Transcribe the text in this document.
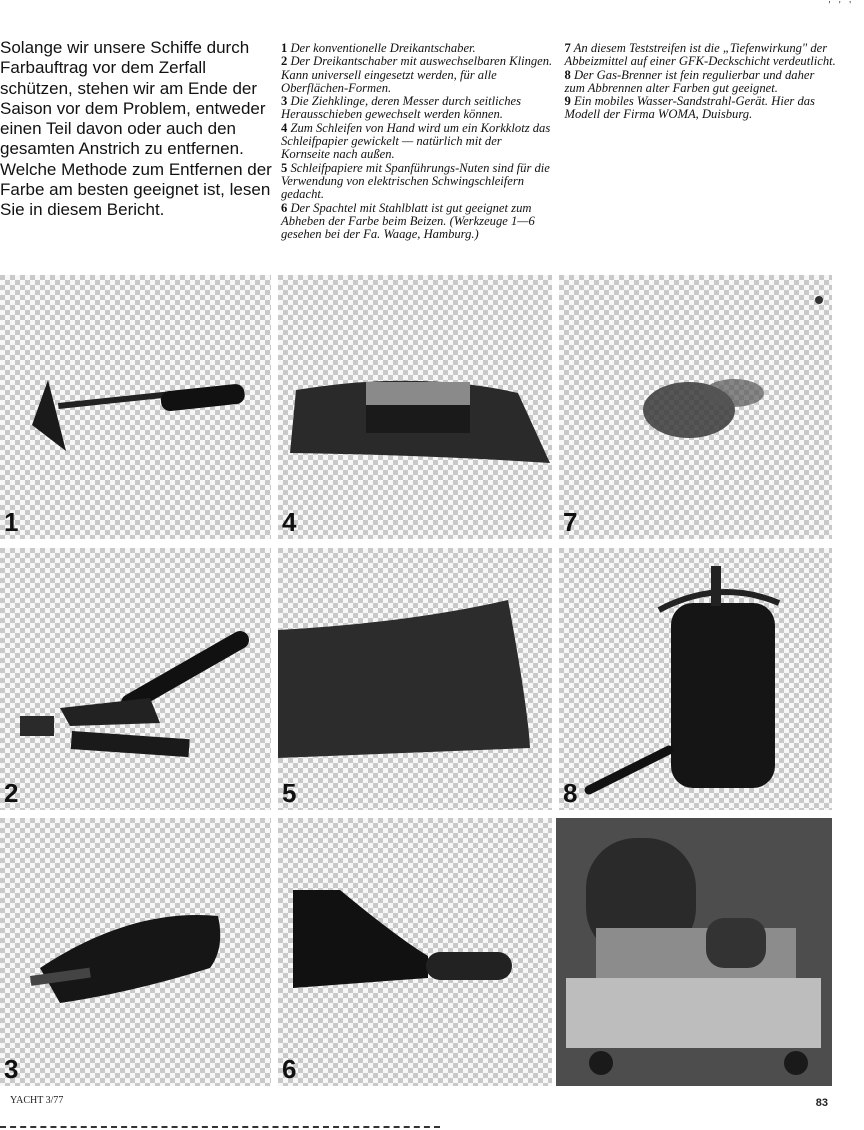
' ' '

Solange wir unsere Schiffe durch Farbauftrag vor dem Zerfall schützen, stehen wir am Ende der Saison vor dem Problem, entweder einen Teil davon oder auch den gesamten Anstrich zu entfernen. Welche Methode zum Entfernen der Farbe am besten geeignet ist, lesen Sie in diesem Bericht.

1 Der konventionelle Dreikantschaber.

2 Der Dreikantschaber mit auswechselbaren Klingen. Kann universell eingesetzt werden, für alle Oberflächen-Formen.

3 Die Ziehklinge, deren Messer durch seitliches Herausschieben gewechselt werden können.

4 Zum Schleifen von Hand wird um ein Korkklotz das Schleifpapier gewickelt — natürlich mit der Kornseite nach außen.

5 Schleifpapiere mit Spanführungs-Nuten sind für die Verwendung von elektrischen Schwingschleifern gedacht.

6 Der Spachtel mit Stahlblatt ist gut geeignet zum Abheben der Farbe beim Beizen. (Werkzeuge 1—6 gesehen bei der Fa. Waage, Hamburg.)

7 An diesem Teststreifen ist die „Tiefenwirkung" der Abbeizmittel auf einer GFK-Deckschicht verdeutlicht.

8 Der Gas-Brenner ist fein regulierbar und daher zum Abbrennen alter Farben gut geeignet.

9 Ein mobiles Wasser-Sandstrahl-Gerät. Hier das Modell der Firma WOMA, Duisburg.

1	4	7
2	5	8
3	6
YACHT 3/77	83
